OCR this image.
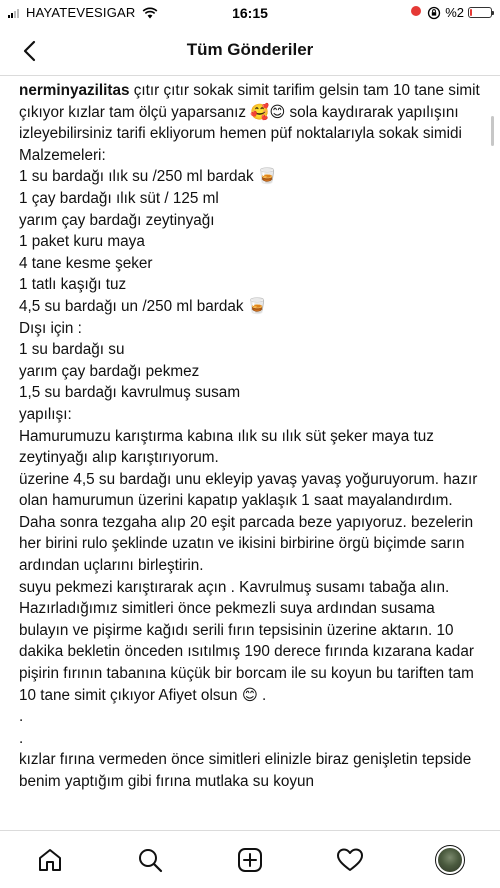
HAYATEVESIGAR	16:15	%2
Tüm Gönderiler

nerminyazilitas çıtır çıtır sokak simit tarifim gelsin tam 10 tane simit çıkıyor kızlar tam ölçü yaparsanız 🥰😊 sola kaydırarak yapılışını izleyebilirsiniz tarifi ekliyorum hemen püf noktalarıyla sokak simidi

Malzemeleri:

1 su bardağı ılık su /250 ml bardak 🥃

1 çay bardağı ılık süt / 125 ml

yarım çay bardağı zeytinyağı

1 paket kuru maya

4 tane kesme şeker

1 tatlı kaşığı tuz

4,5 su bardağı un /250 ml bardak 🥃

Dışı için :

1 su bardağı su

yarım çay bardağı pekmez

1,5 su bardağı kavrulmuş susam

yapılışı:

Hamurumuzu karıştırma kabına ılık su ılık süt şeker maya tuz zeytinyağı alıp karıştırıyorum.

üzerine 4,5 su bardağı unu ekleyip yavaş yavaş yoğuruyorum. hazır olan hamurumun üzerini kapatıp yaklaşık 1 saat mayalandırdım.

Daha sonra tezgaha alıp 20 eşit parcada beze yapıyoruz. bezelerin her birini rulo şeklinde uzatın ve ikisini birbirine örgü biçimde sarın ardından uçlarını birleştirin.

suyu pekmezi karıştırarak açın . Kavrulmuş susamı tabağa alın. Hazırladığımız simitleri önce pekmezli suya ardından susama bulayın ve pişirme kağıdı serili fırın tepsisinin üzerine aktarın. 10 dakika bekletin önceden ısıtılmış 190 derece fırında kızarana kadar pişirin fırının tabanına küçük bir borcam ile su koyun bu tariften tam 10 tane simit çıkıyor Afiyet olsun 😊 .

.

.

kızlar fırına vermeden önce simitleri elinizle biraz genişletin tepside benim yaptığım gibi fırına mutlaka su koyun
